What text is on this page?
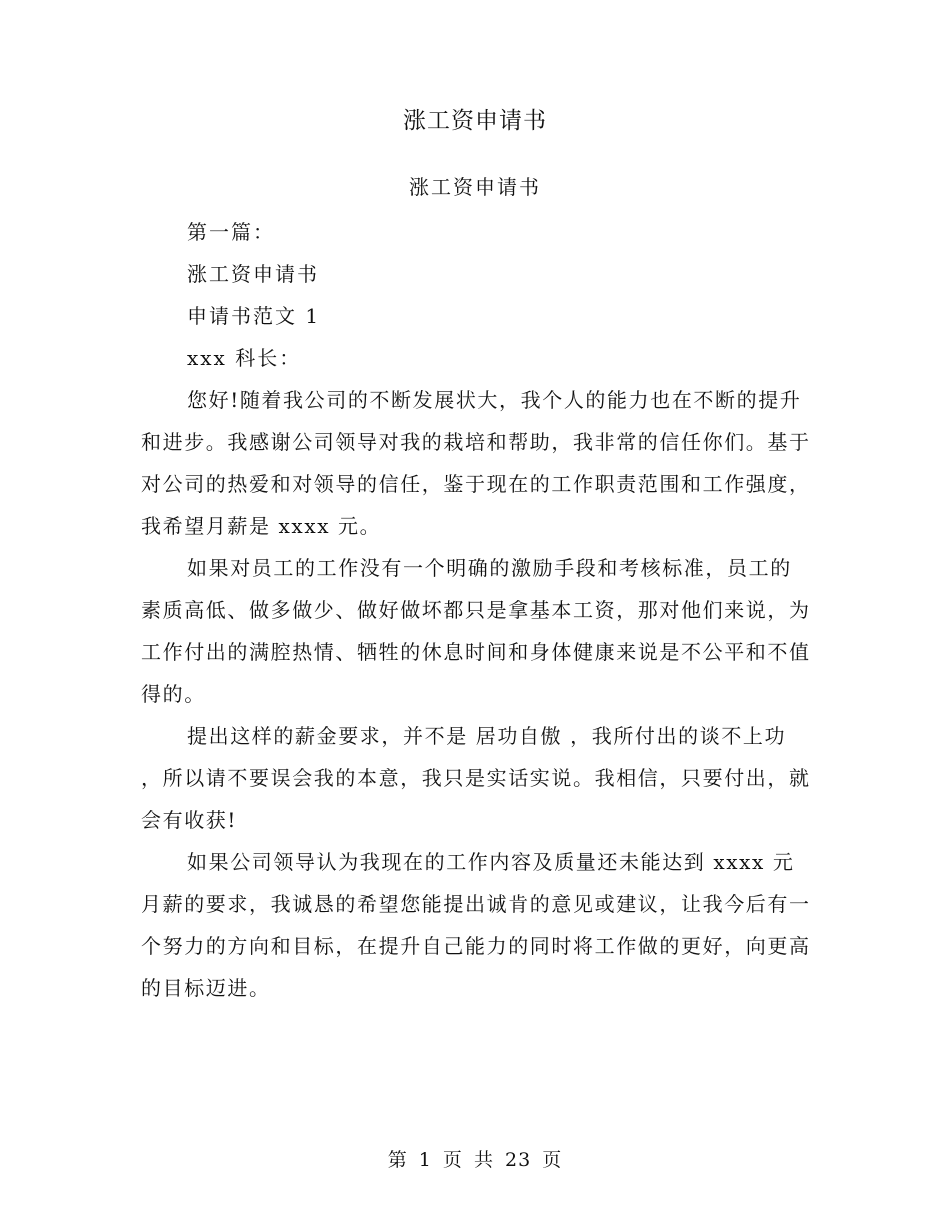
涨工资申请书
涨工资申请书

第一篇：

涨工资申请书

申请书范文 1

xxx 科长：

您好!随着我公司的不断发展状大，我个人的能力也在不断的提升和进步。我感谢公司领导对我的栽培和帮助，我非常的信任你们。基于对公司的热爱和对领导的信任，鉴于现在的工作职责范围和工作强度，我希望月薪是 xxxx 元。

如果对员工的工作没有一个明确的激励手段和考核标准，员工的素质高低、做多做少、做好做坏都只是拿基本工资，那对他们来说，为工作付出的满腔热情、牺牲的休息时间和身体健康来说是不公平和不值得的。

提出这样的薪金要求，并不是 居功自傲 ，我所付出的谈不上功 ，所以请不要误会我的本意，我只是实话实说。我相信，只要付出，就会有收获!

如果公司领导认为我现在的工作内容及质量还未能达到 xxxx 元月薪的要求，我诚恳的希望您能提出诚肯的意见或建议，让我今后有一个努力的方向和目标，在提升自己能力的同时将工作做的更好，向更高的目标迈进。

第 1 页 共 23 页
